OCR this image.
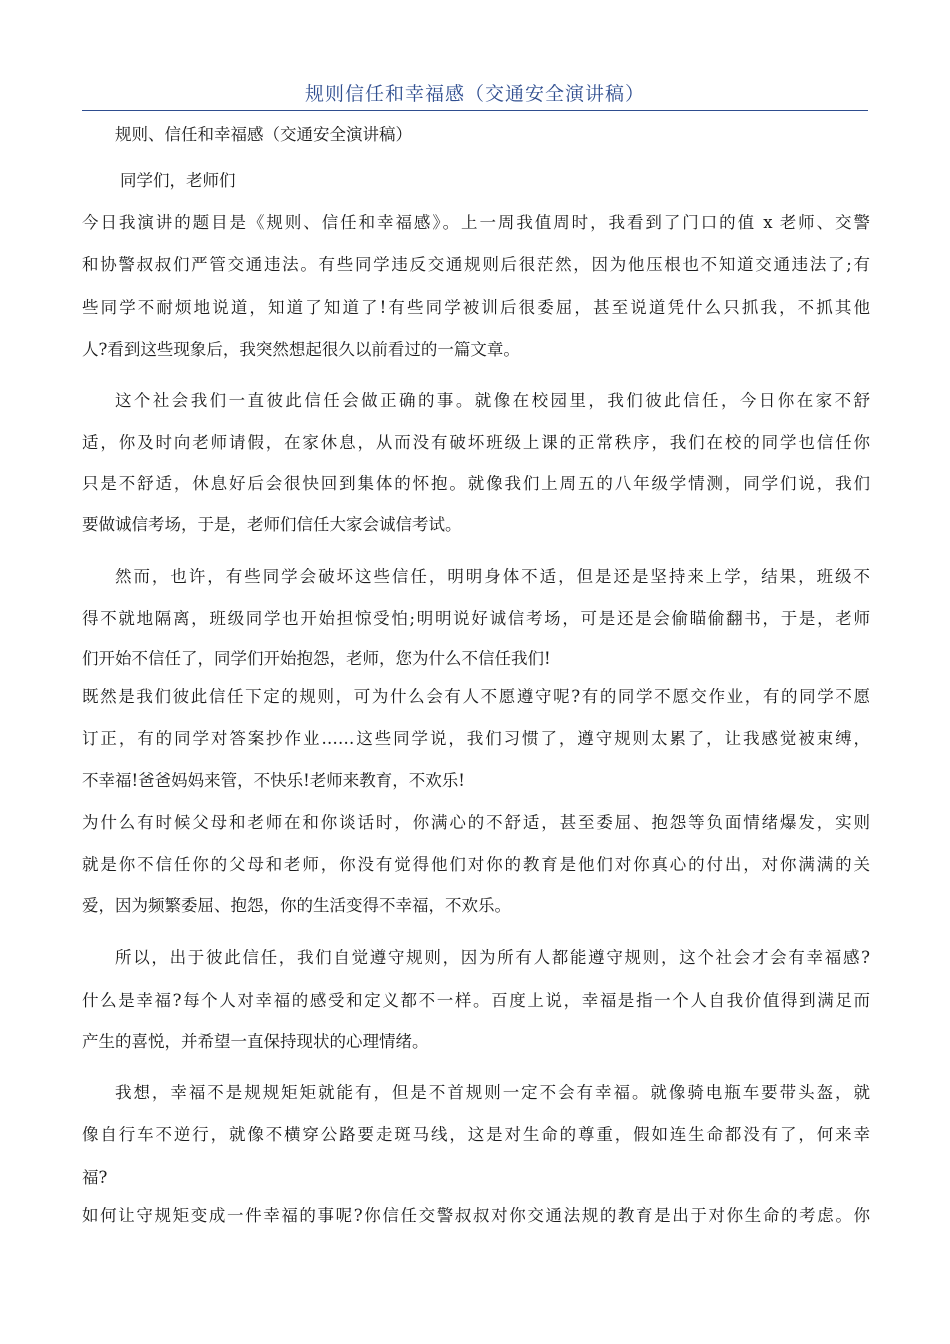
规则信任和幸福感（交通安全演讲稿）

规则、信任和幸福感（交通安全演讲稿）

同学们，老师们

今日我演讲的题目是《规则、信任和幸福感》。上一周我值周时，我看到了门口的值 x 老师、交警

和协警叔叔们严管交通违法。有些同学违反交通规则后很茫然，因为他压根也不知道交通违法了;有

些同学不耐烦地说道，知道了知道了!有些同学被训后很委屈，甚至说道凭什么只抓我，不抓其他

人?看到这些现象后，我突然想起很久以前看过的一篇文章。

这个社会我们一直彼此信任会做正确的事。就像在校园里，我们彼此信任，今日你在家不舒

适，你及时向老师请假，在家休息，从而没有破坏班级上课的正常秩序，我们在校的同学也信任你

只是不舒适，休息好后会很快回到集体的怀抱。就像我们上周五的八年级学情测，同学们说，我们

要做诚信考场，于是，老师们信任大家会诚信考试。

然而，也许，有些同学会破坏这些信任，明明身体不适，但是还是坚持来上学，结果，班级不

得不就地隔离，班级同学也开始担惊受怕;明明说好诚信考场，可是还是会偷瞄偷翻书，于是，老师

们开始不信任了，同学们开始抱怨，老师，您为什么不信任我们!

既然是我们彼此信任下定的规则，可为什么会有人不愿遵守呢?有的同学不愿交作业，有的同学不愿

订正，有的同学对答案抄作业……这些同学说，我们习惯了，遵守规则太累了，让我感觉被束缚，

不幸福!爸爸妈妈来管，不快乐!老师来教育，不欢乐!

为什么有时候父母和老师在和你谈话时，你满心的不舒适，甚至委屈、抱怨等负面情绪爆发，实则

就是你不信任你的父母和老师，你没有觉得他们对你的教育是他们对你真心的付出，对你满满的关

爱，因为频繁委屈、抱怨，你的生活变得不幸福，不欢乐。

所以，出于彼此信任，我们自觉遵守规则，因为所有人都能遵守规则，这个社会才会有幸福感?

什么是幸福?每个人对幸福的感受和定义都不一样。百度上说，幸福是指一个人自我价值得到满足而

产生的喜悦，并希望一直保持现状的心理情绪。

我想，幸福不是规规矩矩就能有，但是不首规则一定不会有幸福。就像骑电瓶车要带头盔，就

像自行车不逆行，就像不横穿公路要走斑马线，这是对生命的尊重，假如连生命都没有了，何来幸

福?

如何让守规矩变成一件幸福的事呢?你信任交警叔叔对你交通法规的教育是出于对你生命的考虑。你
